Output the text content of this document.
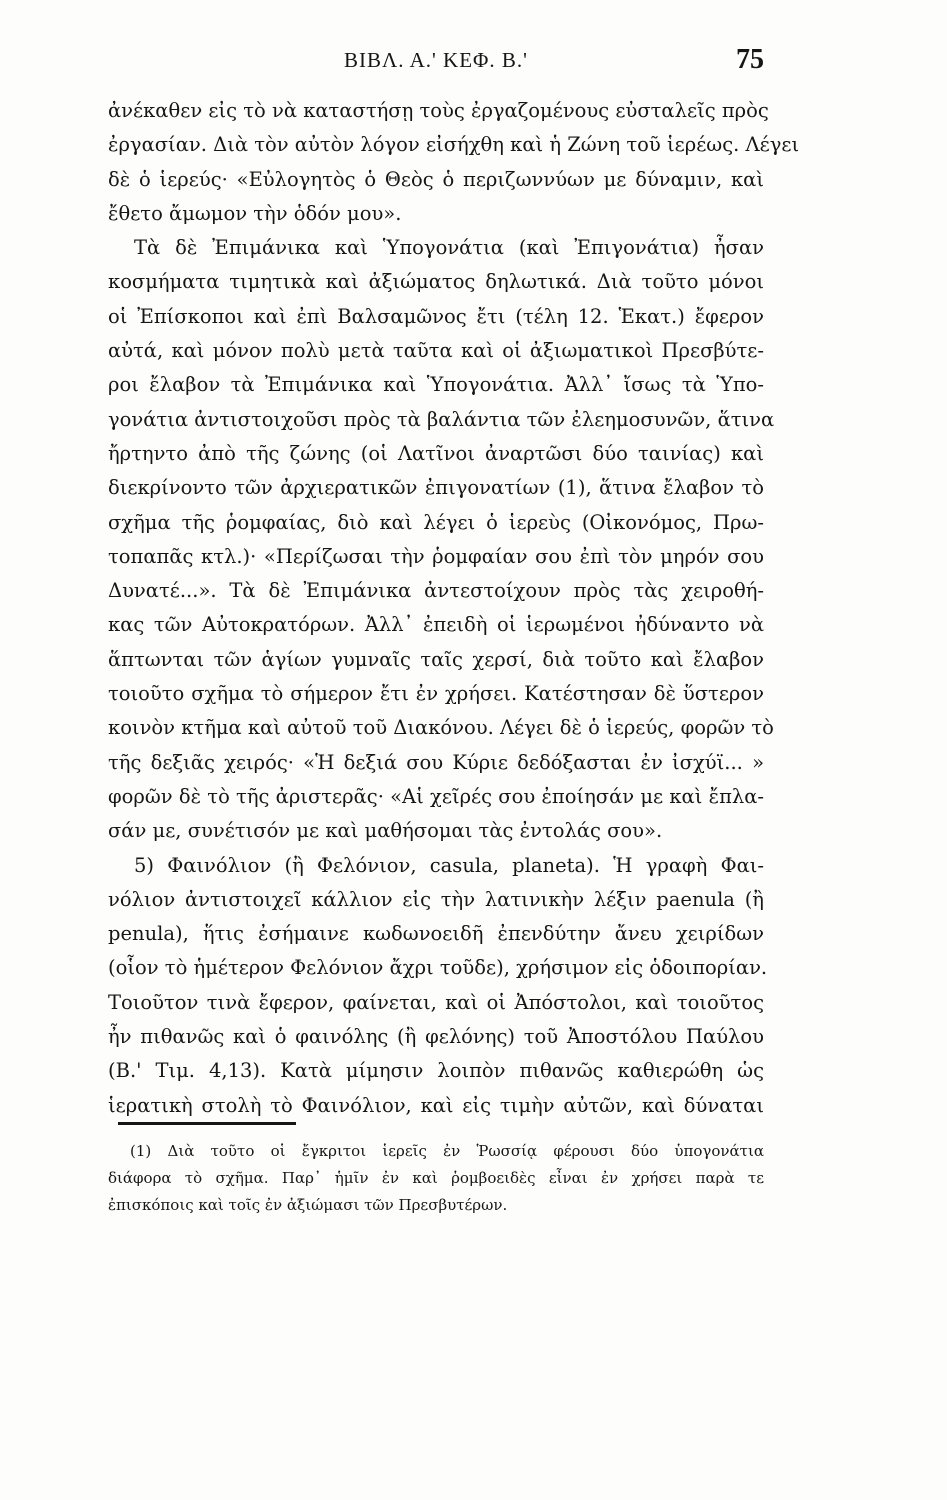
ΒΙΒΛ. Α.' ΚΕΦ. Β.'	75
ἀνέκαθεν εἰς τὸ νὰ καταστήσῃ τοὺς ἐργαζομένους εὐσταλεῖς πρὸς
ἐργασίαν. Διὰ τὸν αὐτὸν λόγον εἰσήχθη καὶ ἡ Ζώνη τοῦ ἱερέως. Λέγει
δὲ ὁ ἱερεύς· «Εὐλογητὸς ὁ Θεὸς ὁ περιζωννύων με δύναμιν, καὶ
ἔθετο ἄμωμον τὴν ὁδόν μου».
Τὰ δὲ Ἐπιμάνικα καὶ Ὑπογονάτια (καὶ Ἐπιγονάτια) ἦσαν
κοσμήματα τιμητικὰ καὶ ἀξιώματος δηλωτικά. Διὰ τοῦτο μόνοι
οἱ Ἐπίσκοποι καὶ ἐπὶ Βαλσαμῶνος ἔτι (τέλη 12. Ἑκατ.) ἔφερον
αὐτά, καὶ μόνον πολὺ μετὰ ταῦτα καὶ οἱ ἀξιωματικοὶ Πρεσβύτε-
ροι ἔλαβον τὰ Ἐπιμάνικα καὶ Ὑπογονάτια. Ἀλλ᾽ ἴσως τὰ Ὑπο-
γονάτια ἀντιστοιχοῦσι πρὸς τὰ βαλάντια τῶν ἐλεημοσυνῶν, ἅτινα
ἤρτηντο ἀπὸ τῆς ζώνης (οἱ Λατῖνοι ἀναρτῶσι δύο ταινίας) καὶ
διεκρίνοντο τῶν ἀρχιερατικῶν ἐπιγονατίων (1), ἅτινα ἔλαβον τὸ
σχῆμα τῆς ῥομφαίας, διὸ καὶ λέγει ὁ ἱερεὺς (Οἰκονόμος, Πρω-
τοπαπᾶς κτλ.)· «Περίζωσαι τὴν ῥομφαίαν σου ἐπὶ τὸν μηρόν σου
Δυνατέ...». Τὰ δὲ Ἐπιμάνικα ἀντεστοίχουν πρὸς τὰς χειροθή-
κας τῶν Αὐτοκρατόρων. Ἀλλ᾽ ἐπειδὴ οἱ ἱερωμένοι ἠδύναντο νὰ
ἅπτωνται τῶν ἁγίων γυμναῖς ταῖς χερσί, διὰ τοῦτο καὶ ἔλαβον
τοιοῦτο σχῆμα τὸ σήμερον ἔτι ἐν χρήσει. Κατέστησαν δὲ ὕστερον
κοινὸν κτῆμα καὶ αὐτοῦ τοῦ Διακόνου. Λέγει δὲ ὁ ἱερεύς, φορῶν τὸ
τῆς δεξιᾶς χειρός· «Ἡ δεξιά σου Κύριε δεδόξασται ἐν ἰσχύϊ... »
φορῶν δὲ τὸ τῆς ἀριστερᾶς· «Αἱ χεῖρές σου ἐποίησάν με καὶ ἔπλα-
σάν με, συνέτισόν με καὶ μαθήσομαι τὰς ἐντολάς σου».
5) Φαινόλιον (ἢ Φελόνιον, casula, planeta). Ἡ γραφὴ Φαι-
νόλιον ἀντιστοιχεῖ κάλλιον εἰς τὴν λατινικὴν λέξιν paenula (ἢ
penula), ἥτις ἐσήμαινε κωδωνοειδῆ ἐπενδύτην ἄνευ χειρίδων
(οἷον τὸ ἡμέτερον Φελόνιον ἄχρι τοῦδε), χρήσιμον εἰς ὁδοιπορίαν.
Τοιοῦτον τινὰ ἔφερον, φαίνεται, καὶ οἱ Ἀπόστολοι, καὶ τοιοῦτος
ἦν πιθανῶς καὶ ὁ φαινόλης (ἢ φελόνης) τοῦ Ἀποστόλου Παύλου
(Β.' Τιμ. 4,13). Κατὰ μίμησιν λοιπὸν πιθανῶς καθιερώθη ὡς
ἱερατικὴ στολὴ τὸ Φαινόλιον, καὶ εἰς τιμὴν αὐτῶν, καὶ δύναται
(1) Διὰ τοῦτο οἱ ἔγκριτοι ἱερεῖς ἐν Ῥωσσίᾳ φέρουσι δύο ὑπογονάτια
διάφορα τὸ σχῆμα. Παρ᾽ ἡμῖν ἐν καὶ ῥομβοειδὲς εἶναι ἐν χρήσει παρὰ τε
ἐπισκόποις καὶ τοῖς ἐν ἀξιώμασι τῶν Πρεσβυτέρων.
